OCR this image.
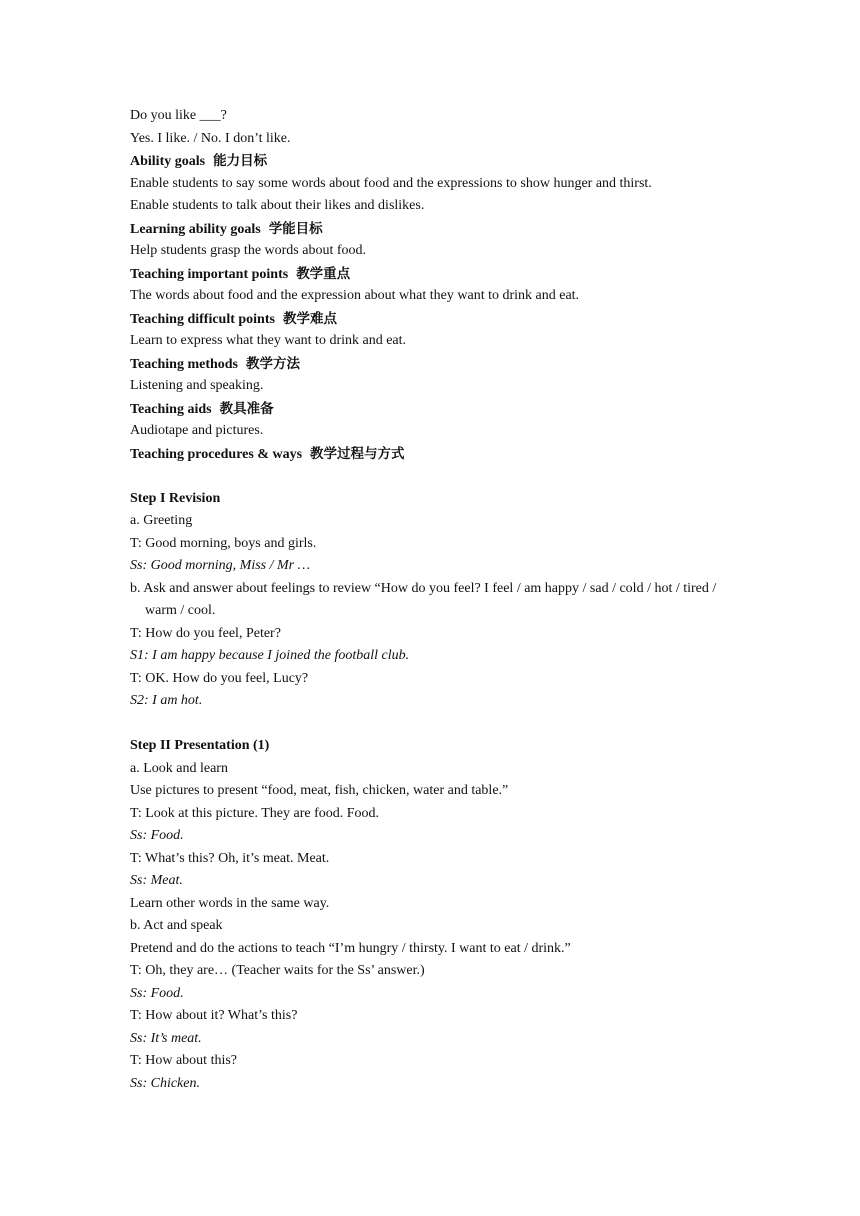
Do you like ___?
Yes. I like. / No. I don’t like.
Ability goals 能力目标
Enable students to say some words about food and the expressions to show hunger and thirst.
Enable students to talk about their likes and dislikes.
Learning ability goals 学能目标
Help students grasp the words about food.
Teaching important points 教学重点
The words about food and the expression about what they want to drink and eat.
Teaching difficult points 教学难点
Learn to express what they want to drink and eat.
Teaching methods 教学方法
Listening and speaking.
Teaching aids 教具准备
Audiotape and pictures.
Teaching procedures & ways 教学过程与方式
Step I Revision
a. Greeting
T: Good morning, boys and girls.
Ss: Good morning, Miss / Mr …
b. Ask and answer about feelings to review “How do you feel? I feel / am happy / sad / cold / hot / tired / warm / cool.
T: How do you feel, Peter?
S1: I am happy because I joined the football club.
T: OK. How do you feel, Lucy?
S2: I am hot.
Step II Presentation (1)
a. Look and learn
Use pictures to present “food, meat, fish, chicken, water and table.”
T: Look at this picture. They are food. Food.
Ss: Food.
T: What’s this? Oh, it’s meat. Meat.
Ss: Meat.
Learn other words in the same way.
b. Act and speak
Pretend and do the actions to teach “I’m hungry / thirsty. I want to eat / drink.”
T: Oh, they are… (Teacher waits for the Ss’ answer.)
Ss: Food.
T: How about it? What’s this?
Ss: It’s meat.
T: How about this?
Ss: Chicken.
